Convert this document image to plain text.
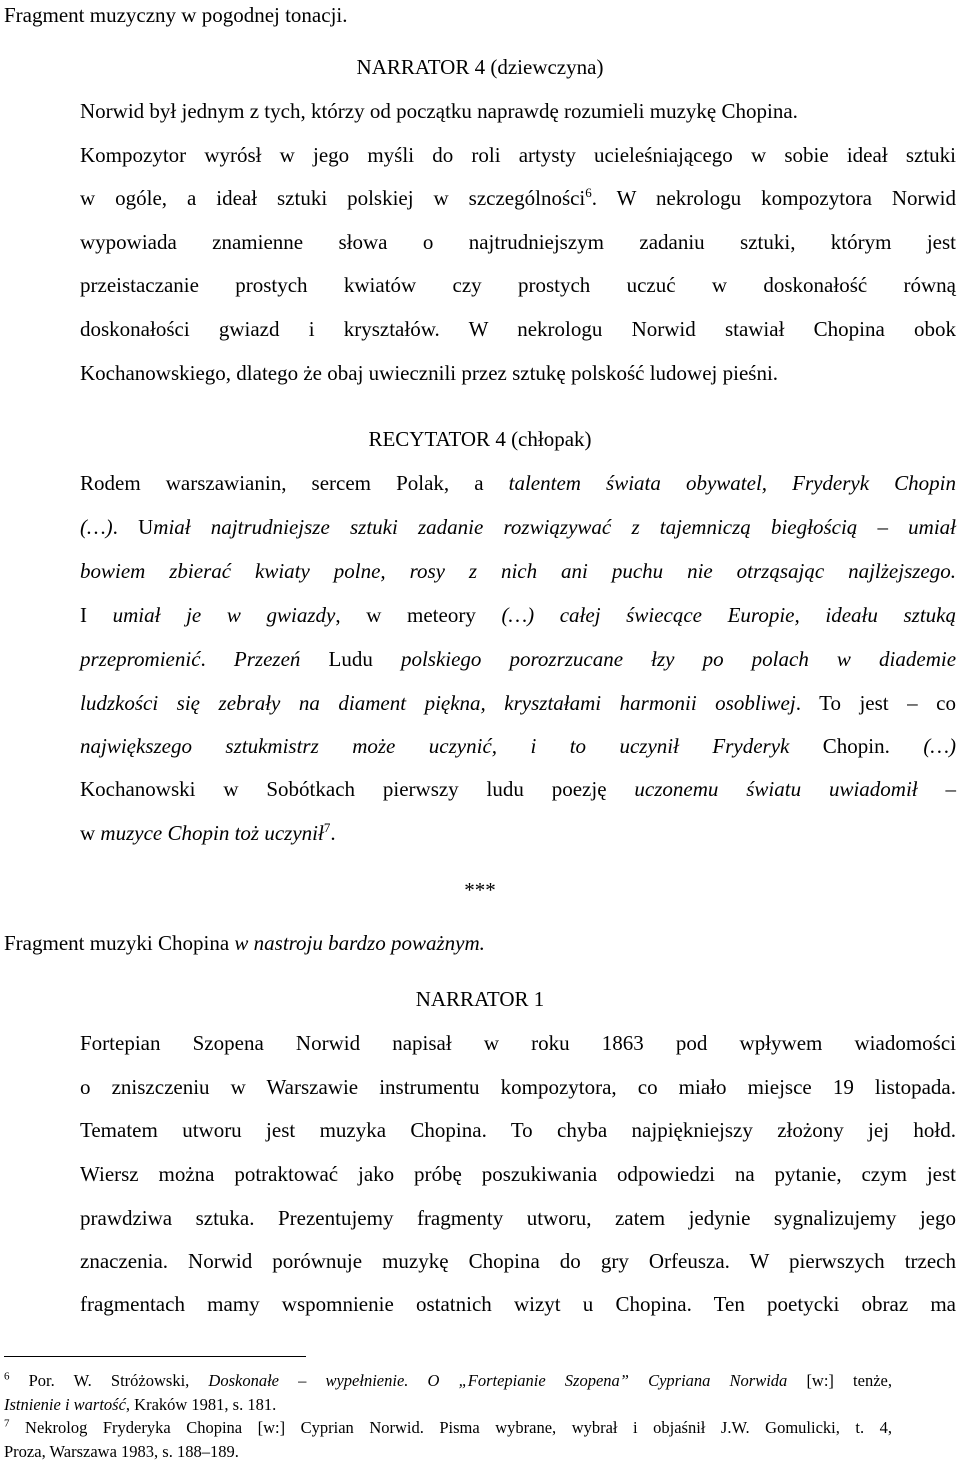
Fragment muzyczny w pogodnej tonacji.
NARRATOR 4 (dziewczyna)
Norwid był jednym z tych, którzy od początku naprawdę rozumieli muzykę Chopina.
Kompozytor wyrósł w jego myśli do roli artysty ucieleśniającego w sobie ideał sztuki
w ogóle, a ideał sztuki polskiej w szczególności$^6$. W nekrologu kompozytora Norwid
wypowiada znamienne słowa o najtrudniejszym zadaniu sztuki, którym jest
przeistaczanie prostych kwiatów czy prostych uczuć w doskonałość równą
doskonałości gwiazd i kryształów. W nekrologu Norwid stawiał Chopina obok
Kochanowskiego, dlatego że obaj uwiecznili przez sztukę polskość ludowej pieśni.
RECYTATOR 4 (chłopak)
Rodem warszawianin, sercem Polak, a talentem świata obywatel, Fryderyk Chopin
(…). Umiał najtrudniejsze sztuki zadanie rozwiązywać z tajemniczą biegłością – umiał
bowiem zbierać kwiaty polne, rosy z nich ani puchu nie otrząsając najlżejszego.
I umiał je w gwiazdy, w meteory (…) całej świecące Europie, ideału sztuką
przepromienić. Przezeń Ludu polskiego porozrzucane łzy po polach w diademie
ludzkości się zebrały na diament piękna, kryształami harmonii osobliwej. To jest – co
największego sztukmistrz może uczynić, i to uczynił Fryderyk Chopin. (…)
Kochanowski w Sobótkach pierwszy ludu poezję uczonemu światu uwiadomił –
w muzyce Chopin toż uczynił$^7$.
***
Fragment muzyki Chopina w nastroju bardzo poważnym.
NARRATOR 1
Fortepian Szopena Norwid napisał w roku 1863 pod wpływem wiadomości
o zniszczeniu w Warszawie instrumentu kompozytora, co miało miejsce 19 listopada.
Tematem utworu jest muzyka Chopina. To chyba najpiękniejszy złożony jej hołd.
Wiersz można potraktować jako próbę poszukiwania odpowiedzi na pytanie, czym jest
prawdziwa sztuka. Prezentujemy fragmenty utworu, zatem jedynie sygnalizujemy jego
znaczenia. Norwid porównuje muzykę Chopina do gry Orfeusza. W pierwszych trzech
fragmentach mamy wspomnienie ostatnich wizyt u Chopina. Ten poetycki obraz ma
$^6$ Por. W. Stróżowski, Doskonałe – wypełnienie. O „Fortepianie Szopena” Cypriana Norwida [w:] tenże,
Istnienie i wartość, Kraków 1981, s. 181.
$^7$ Nekrolog Fryderyka Chopina [w:] Cyprian Norwid. Pisma wybrane, wybrał i objaśnił J.W. Gomulicki, t. 4,
Proza, Warszawa 1983, s. 188–189.
